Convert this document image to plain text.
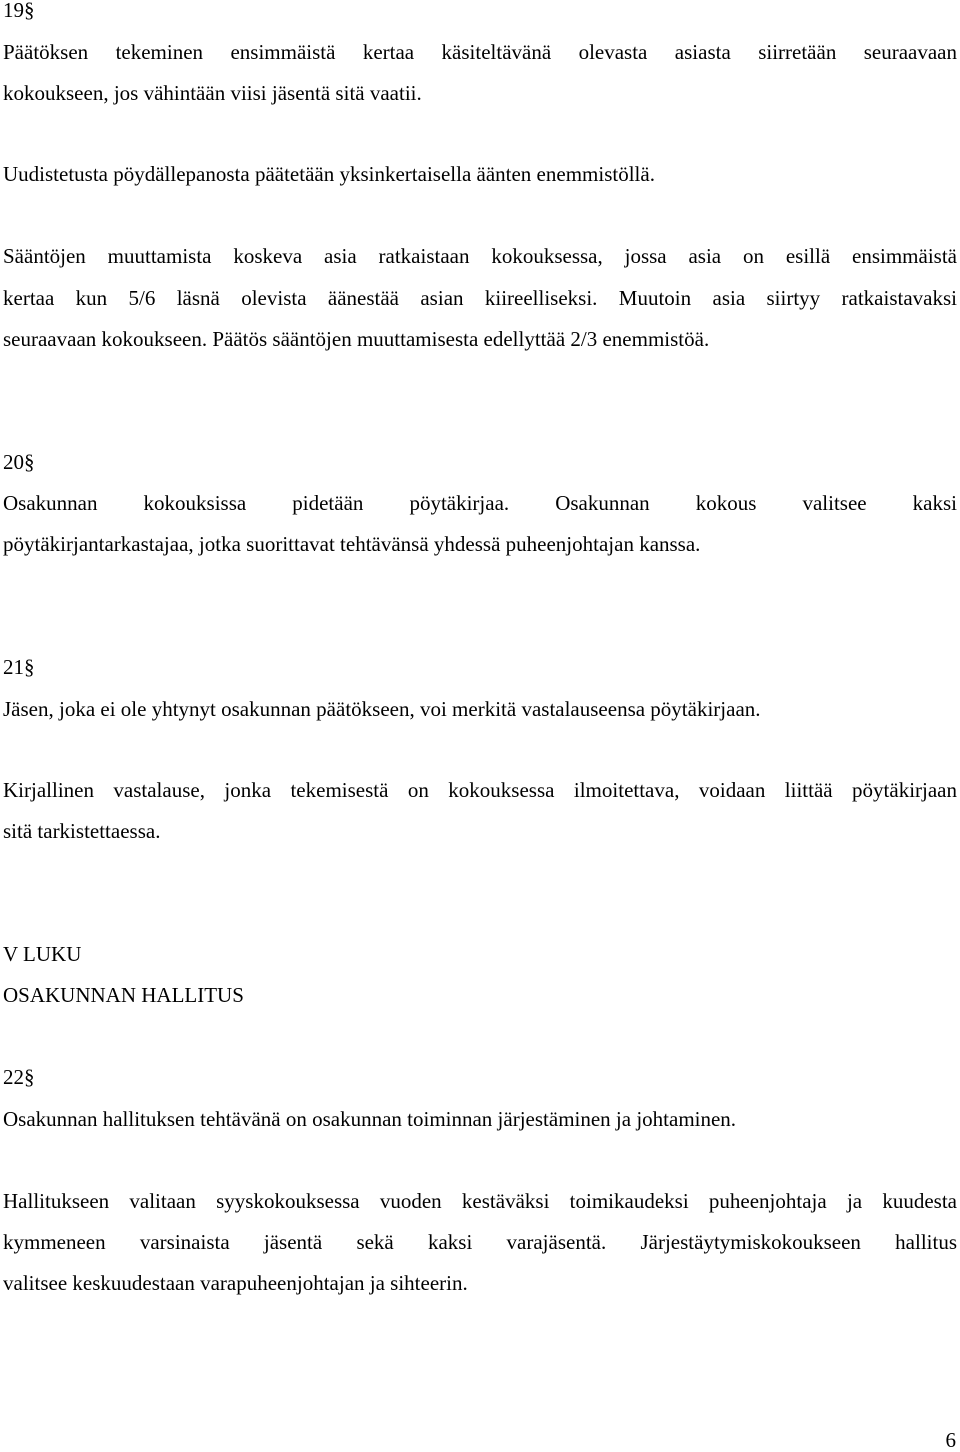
19§
Päätöksen tekeminen ensimmäistä kertaa käsiteltävänä olevasta asiasta siirretään seuraavaan
kokoukseen, jos vähintään viisi jäsentä sitä vaatii.
Uudistetusta pöydällepanosta päätetään yksinkertaisella äänten enemmistöllä.
Sääntöjen muuttamista koskeva asia ratkaistaan kokouksessa, jossa asia on esillä ensimmäistä
kertaa kun 5/6 läsnä olevista äänestää asian kiireelliseksi. Muutoin asia siirtyy ratkaistavaksi
seuraavaan kokoukseen. Päätös sääntöjen muuttamisesta edellyttää 2/3 enemmistöä.
20§
Osakunnan kokouksissa pidetään pöytäkirjaa. Osakunnan kokous valitsee kaksi
pöytäkirjantarkastajaa, jotka suorittavat tehtävänsä yhdessä puheenjohtajan kanssa.
21§
Jäsen, joka ei ole yhtynyt osakunnan päätökseen, voi merkitä vastalauseensa pöytäkirjaan.
Kirjallinen vastalause, jonka tekemisestä on kokouksessa ilmoitettava, voidaan liittää pöytäkirjaan
sitä tarkistettaessa.
V LUKU
OSAKUNNAN HALLITUS
22§
Osakunnan hallituksen tehtävänä on osakunnan toiminnan järjestäminen ja johtaminen.
Hallitukseen valitaan syyskokouksessa vuoden kestäväksi toimikaudeksi puheenjohtaja ja kuudesta
kymmeneen varsinaista jäsentä sekä kaksi varajäsentä. Järjestäytymiskokoukseen hallitus
valitsee keskuudestaan varapuheenjohtajan ja sihteerin.
6
